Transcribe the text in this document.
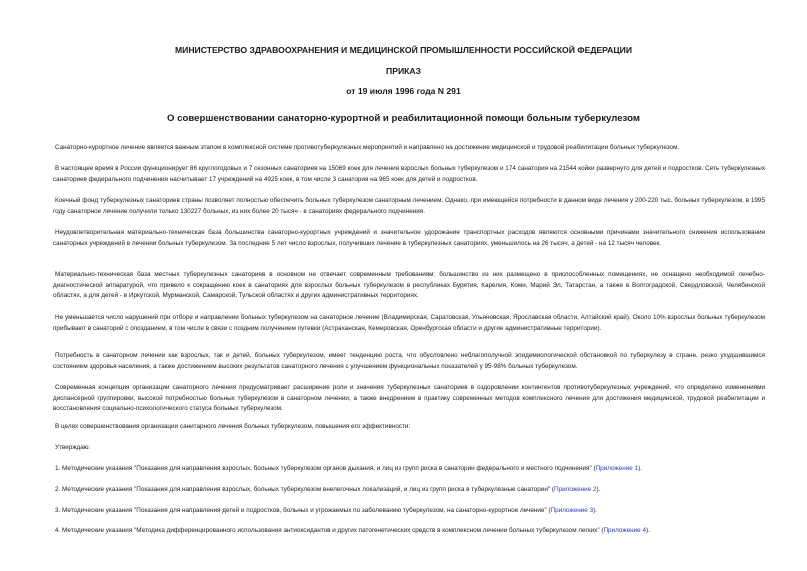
МИНИСТЕРСТВО ЗДРАВООХРАНЕНИЯ И МЕДИЦИНСКОЙ ПРОМЫШЛЕННОСТИ РОССИЙСКОЙ ФЕДЕРАЦИИ
ПРИКАЗ
от 19 июля 1996 года N 291
О совершенствовании санаторно-курортной и реабилитационной помощи больным туберкулезом
Санаторно-курортное лечение является важным этапом в комплексной системе противотуберкулезных мероприятий и направлено на достижение медицинской и трудовой реабилитации больных туберкулезом.
В настоящее время в России функционирует 86 круглогодовых и 7 сезонных санаториев на 15069 коек для лечения взрослых больных туберкулезом и 174 санатория на 21544 койки развернуто для детей и подростков. Сеть туберкулезных санаториев федерального подчинения насчитывает 17 учреждений на 4925 коек, в том числе 3 санатория на 965 коек для детей и подростков.
Коечный фонд туберкулезных санаториев страны позволяет полностью обеспечить больных туберкулезом санаторным лечением. Однако, при имеющейся потребности в данном виде лечения у 200-220 тыс. больных туберкулезом, в 1995 году санаторное лечение получили только 130227 больных, из них более 20 тысяч - в санаториях федерального подчинения.
Неудовлетворительная материально-техническая база большинства санаторно-курортных учреждений и значительное удорожание транспортных расходов являются основными причинами значительного снижения использования санаторных учреждений в лечении больных туберкулезом. За последние 5 лет число взрослых, получивших лечение в туберкулезных санаториях, уменьшилось на 26 тысяч, а детей - на 12 тысяч человек.
Материально-техническая база местных туберкулезных санаториев в основном не отвечает современным требованиям: большинство из них размещено в приспособленных помещениях, не оснащено необходимой лечебно-диагностической аппаратурой, что привело к сокращению коек в санаториях для взрослых больных туберкулезом в республиках Бурятия, Карелия, Коми, Марий Эл, Татарстан, а также в Волгоградской, Свердловской, Челябинской областях, а для детей - в Иркутской, Мурманской, Самарской, Тульской областях и других административных территориях.
Не уменьшается число нарушений при отборе и направлении больных туберкулезом на санаторное лечение (Владимирская, Саратовская, Ульяновская, Ярославская области, Алтайский край). Около 10% взрослых больных туберкулезом прибывают в санаторий с опозданием, в том числе в связи с поздним получением путевки (Астраханская, Кемеровская, Оренбургская области и другие административные территории).
Потребность в санаторном лечении как взрослых, так и детей, больных туберкулезом, имеет тенденцию роста, что обусловлено неблагополучной эпидемиологической обстановкой по туберкулезу в стране, резко ухудшившимся состоянием здоровья населения, а также достижением высоких результатов санаторного лечения с улучшением функциональных показателей у 95-98% больных туберкулезом.
Современная концепция организации санаторного лечения предусматривает расширение роли и значения туберкулезных санаториев в оздоровлении контингентов противотуберкулезных учреждений, что определено изменениями диспансерной группировки, высокой потребностью больных туберкулезом в санаторном лечении, а также внедрением в практику современных методов комплексного лечения для достижения медицинской, трудовой реабилитации и восстановления социально-психологического статуса больных туберкулезом.
В целях совершенствования организации санитарного лечения больных туберкулезом, повышения его эффективности:
Утверждаю:
1. Методические указания "Показания для направления взрослых, больных туберкулезом органов дыхания, и лиц из групп риска в санатории федерального и местного подчинения" (Приложение 1).
2. Методические указания "Показания для направления взрослых, больных туберкулезом внелегочных локализаций, и лиц из групп риска в туберкулезные санатории" (Приложение 2).
3. Методические указания "Показания для направления детей и подростков, больных и угрожаемых по заболеванию туберкулезом, на санаторно-курортное лечение" (Приложение 3).
4. Методические указания "Методика дифференцированного использования антиоксидантов и других патогенетических средств в комплексном лечении больных туберкулезом легких" (Приложение 4).
